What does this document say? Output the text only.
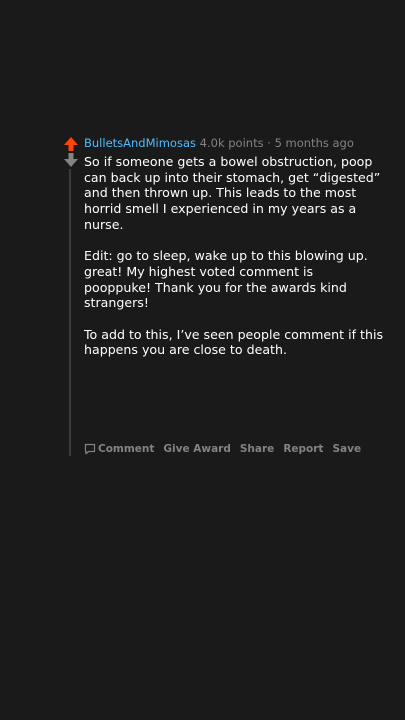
BulletsAndMimosas 4.0k points · 5 months ago

So if someone gets a bowel obstruction, poop can back up into their stomach, get “digested” and then thrown up. This leads to the most horrid smell I experienced in my years as a nurse.

Edit: go to sleep, wake up to this blowing up. great! My highest voted comment is pooppuke! Thank you for the awards kind strangers!

To add to this, I’ve seen people comment if this happens you are close to death.

Comment Give Award Share Report Save
